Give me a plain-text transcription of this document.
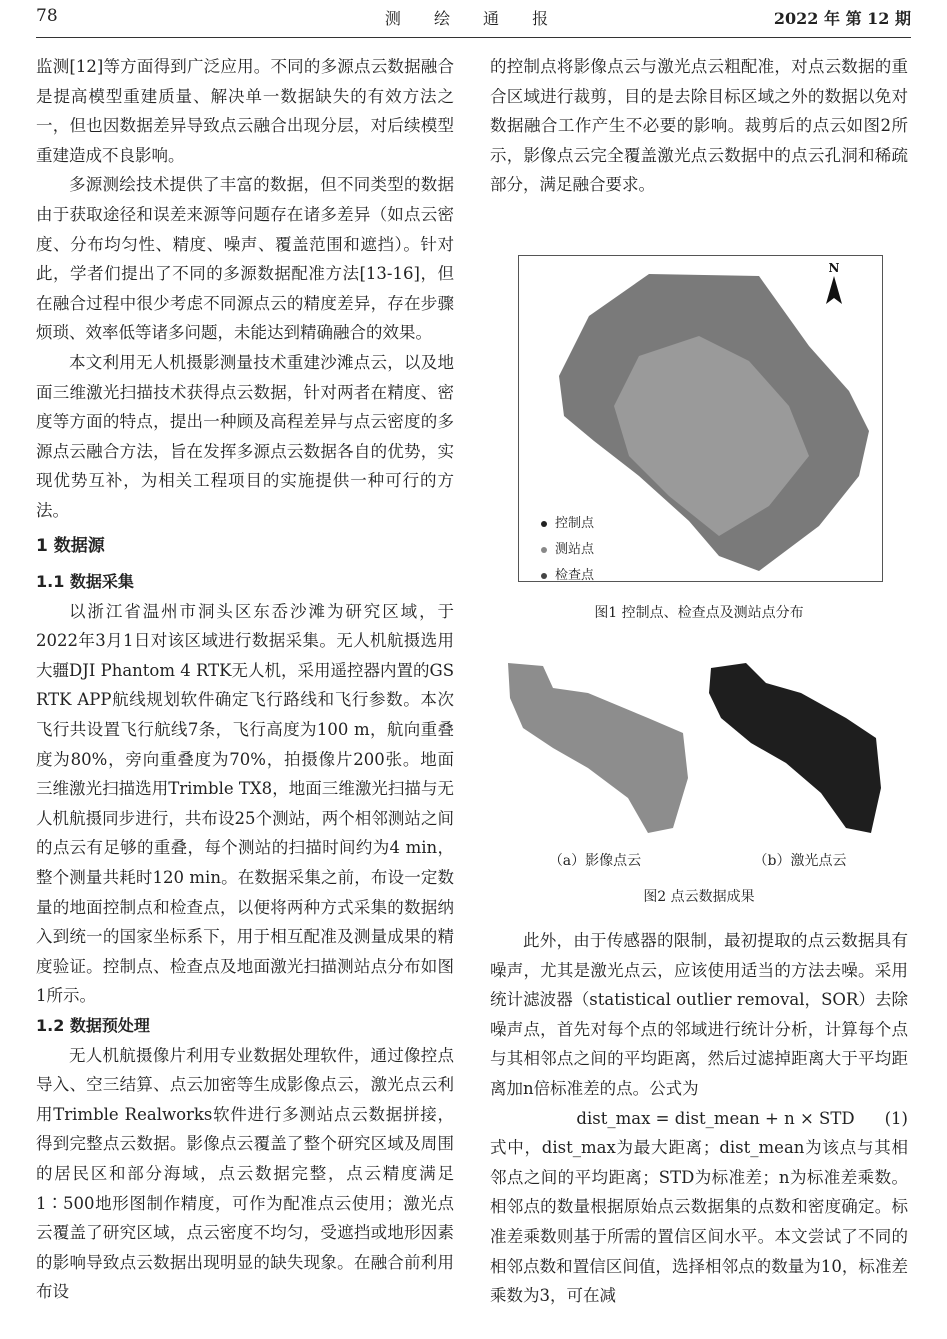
78	测 绘 通 报	2022 年 第 12 期

监测[12]等方面得到广泛应用。不同的多源点云数据融合是提高模型重建质量、解决单一数据缺失的有效方法之一，但也因数据差异导致点云融合出现分层，对后续模型重建造成不良影响。

多源测绘技术提供了丰富的数据，但不同类型的数据由于获取途径和误差来源等问题存在诸多差异（如点云密度、分布均匀性、精度、噪声、覆盖范围和遮挡）。针对此，学者们提出了不同的多源数据配准方法[13-16]，但在融合过程中很少考虑不同源点云的精度差异，存在步骤烦琐、效率低等诸多问题，未能达到精确融合的效果。

本文利用无人机摄影测量技术重建沙滩点云，以及地面三维激光扫描技术获得点云数据，针对两者在精度、密度等方面的特点，提出一种顾及高程差异与点云密度的多源点云融合方法，旨在发挥多源点云数据各自的优势，实现优势互补，为相关工程项目的实施提供一种可行的方法。

1 数据源
1.1 数据采集

以浙江省温州市洞头区东岙沙滩为研究区域，于2022年3月1日对该区域进行数据采集。无人机航摄选用大疆DJI Phantom 4 RTK无人机，采用遥控器内置的GS RTK APP航线规划软件确定飞行路线和飞行参数。本次飞行共设置飞行航线7条，飞行高度为100 m，航向重叠度为80%，旁向重叠度为70%，拍摄像片200张。地面三维激光扫描选用Trimble TX8，地面三维激光扫描与无人机航摄同步进行，共布设25个测站，两个相邻测站之间的点云有足够的重叠，每个测站的扫描时间约为4 min，整个测量共耗时120 min。在数据采集之前，布设一定数量的地面控制点和检查点，以便将两种方式采集的数据纳入到统一的国家坐标系下，用于相互配准及测量成果的精度验证。控制点、检查点及地面激光扫描测站点分布如图1所示。

1.2 数据预处理

无人机航摄像片利用专业数据处理软件，通过像控点导入、空三结算、点云加密等生成影像点云，激光点云利用Trimble Realworks软件进行多测站点云数据拼接，得到完整点云数据。影像点云覆盖了整个研究区域及周围的居民区和部分海域，点云数据完整，点云精度满足1∶500地形图制作精度，可作为配准点云使用；激光点云覆盖了研究区域，点云密度不均匀，受遮挡或地形因素的影响导致点云数据出现明显的缺失现象。在融合前利用布设

的控制点将影像点云与激光点云粗配准，对点云数据的重合区域进行裁剪，目的是去除目标区域之外的数据以免对数据融合工作产生不必要的影响。裁剪后的点云如图2所示，影像点云完全覆盖激光点云数据中的点云孔洞和稀疏部分，满足融合要求。

N
控制点
测站点
检查点
图1 控制点、检查点及测站点分布
（a）影像点云	（b）激光点云
图2 点云数据成果

此外，由于传感器的限制，最初提取的点云数据具有噪声，尤其是激光点云，应该使用适当的方法去噪。采用统计滤波器（statistical outlier removal，SOR）去除噪声点，首先对每个点的邻域进行统计分析，计算每个点与其相邻点之间的平均距离，然后过滤掉距离大于平均距离加n倍标准差的点。公式为

dist_max = dist_mean + n × STD	(1)

式中，dist_max为最大距离；dist_mean为该点与其相邻点之间的平均距离；STD为标准差；n为标准差乘数。相邻点的数量根据原始点云数据集的点数和密度确定。标准差乘数则基于所需的置信区间水平。本文尝试了不同的相邻点数和置信区间值，选择相邻点的数量为10，标准差乘数为3，可在减
